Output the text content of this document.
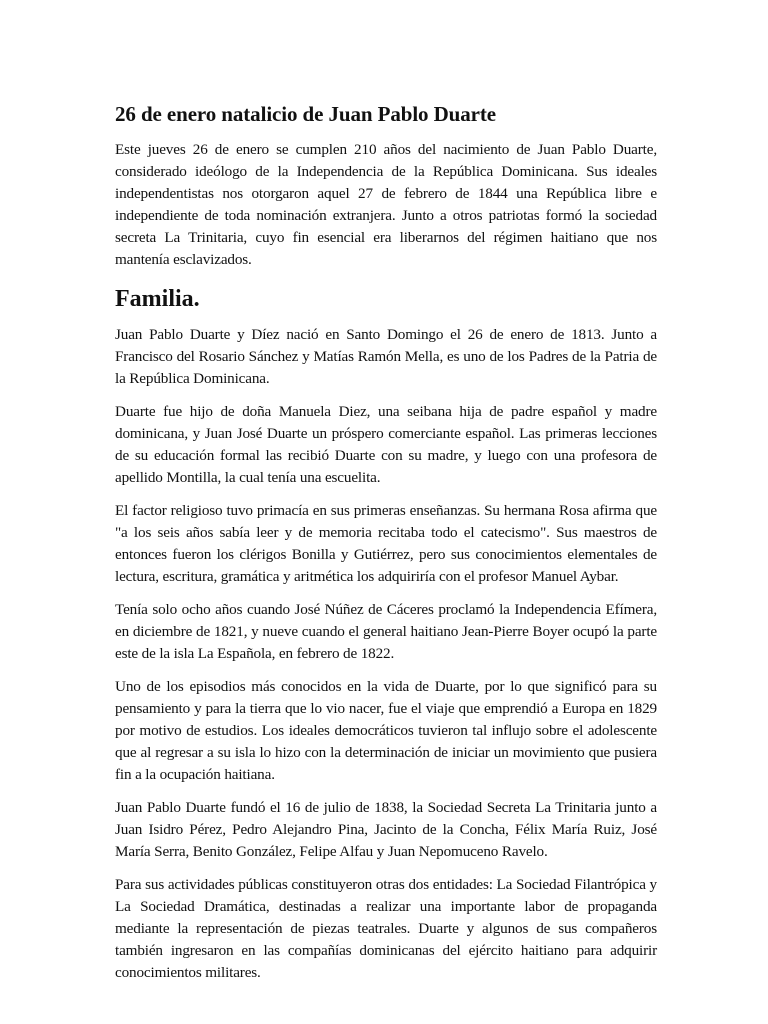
26 de enero natalicio de Juan Pablo Duarte

Este jueves 26 de enero se cumplen 210 años del nacimiento de Juan Pablo Duarte, considerado ideólogo de la Independencia de la República Dominicana. Sus ideales independentistas nos otorgaron aquel 27 de febrero de 1844 una República libre e independiente de toda nominación extranjera. Junto a otros patriotas formó la sociedad secreta La Trinitaria, cuyo fin esencial era liberarnos del régimen haitiano que nos mantenía esclavizados.

Familia.

Juan Pablo Duarte y Díez nació en Santo Domingo el 26 de enero de 1813. Junto a Francisco del Rosario Sánchez y Matías Ramón Mella, es uno de los Padres de la Patria de la República Dominicana.

Duarte fue hijo de doña Manuela Diez, una seibana hija de padre español y madre dominicana, y Juan José Duarte un próspero comerciante español. Las primeras lecciones de su educación formal las recibió Duarte con su madre, y luego con una profesora de apellido Montilla, la cual tenía una escuelita.

El factor religioso tuvo primacía en sus primeras enseñanzas. Su hermana Rosa afirma que "a los seis años sabía leer y de memoria recitaba todo el catecismo". Sus maestros de entonces fueron los clérigos Bonilla y Gutiérrez, pero sus conocimientos elementales de lectura, escritura, gramática y aritmética los adquiriría con el profesor Manuel Aybar.

Tenía solo ocho años cuando José Núñez de Cáceres proclamó la Independencia Efímera, en diciembre de 1821, y nueve cuando el general haitiano Jean-Pierre Boyer ocupó la parte este de la isla La Española, en febrero de 1822.

Uno de los episodios más conocidos en la vida de Duarte, por lo que significó para su pensamiento y para la tierra que lo vio nacer, fue el viaje que emprendió a Europa en 1829 por motivo de estudios. Los ideales democráticos tuvieron tal influjo sobre el adolescente que al regresar a su isla lo hizo con la determinación de iniciar un movimiento que pusiera fin a la ocupación haitiana.

Juan Pablo Duarte fundó el 16 de julio de 1838, la Sociedad Secreta La Trinitaria junto a Juan Isidro Pérez, Pedro Alejandro Pina, Jacinto de la Concha, Félix María Ruiz, José María Serra, Benito González, Felipe Alfau y Juan Nepomuceno Ravelo.

Para sus actividades públicas constituyeron otras dos entidades: La Sociedad Filantrópica y La Sociedad Dramática, destinadas a realizar una importante labor de propaganda mediante la representación de piezas teatrales. Duarte y algunos de sus compañeros también ingresaron en las compañías dominicanas del ejército haitiano para adquirir conocimientos militares.
